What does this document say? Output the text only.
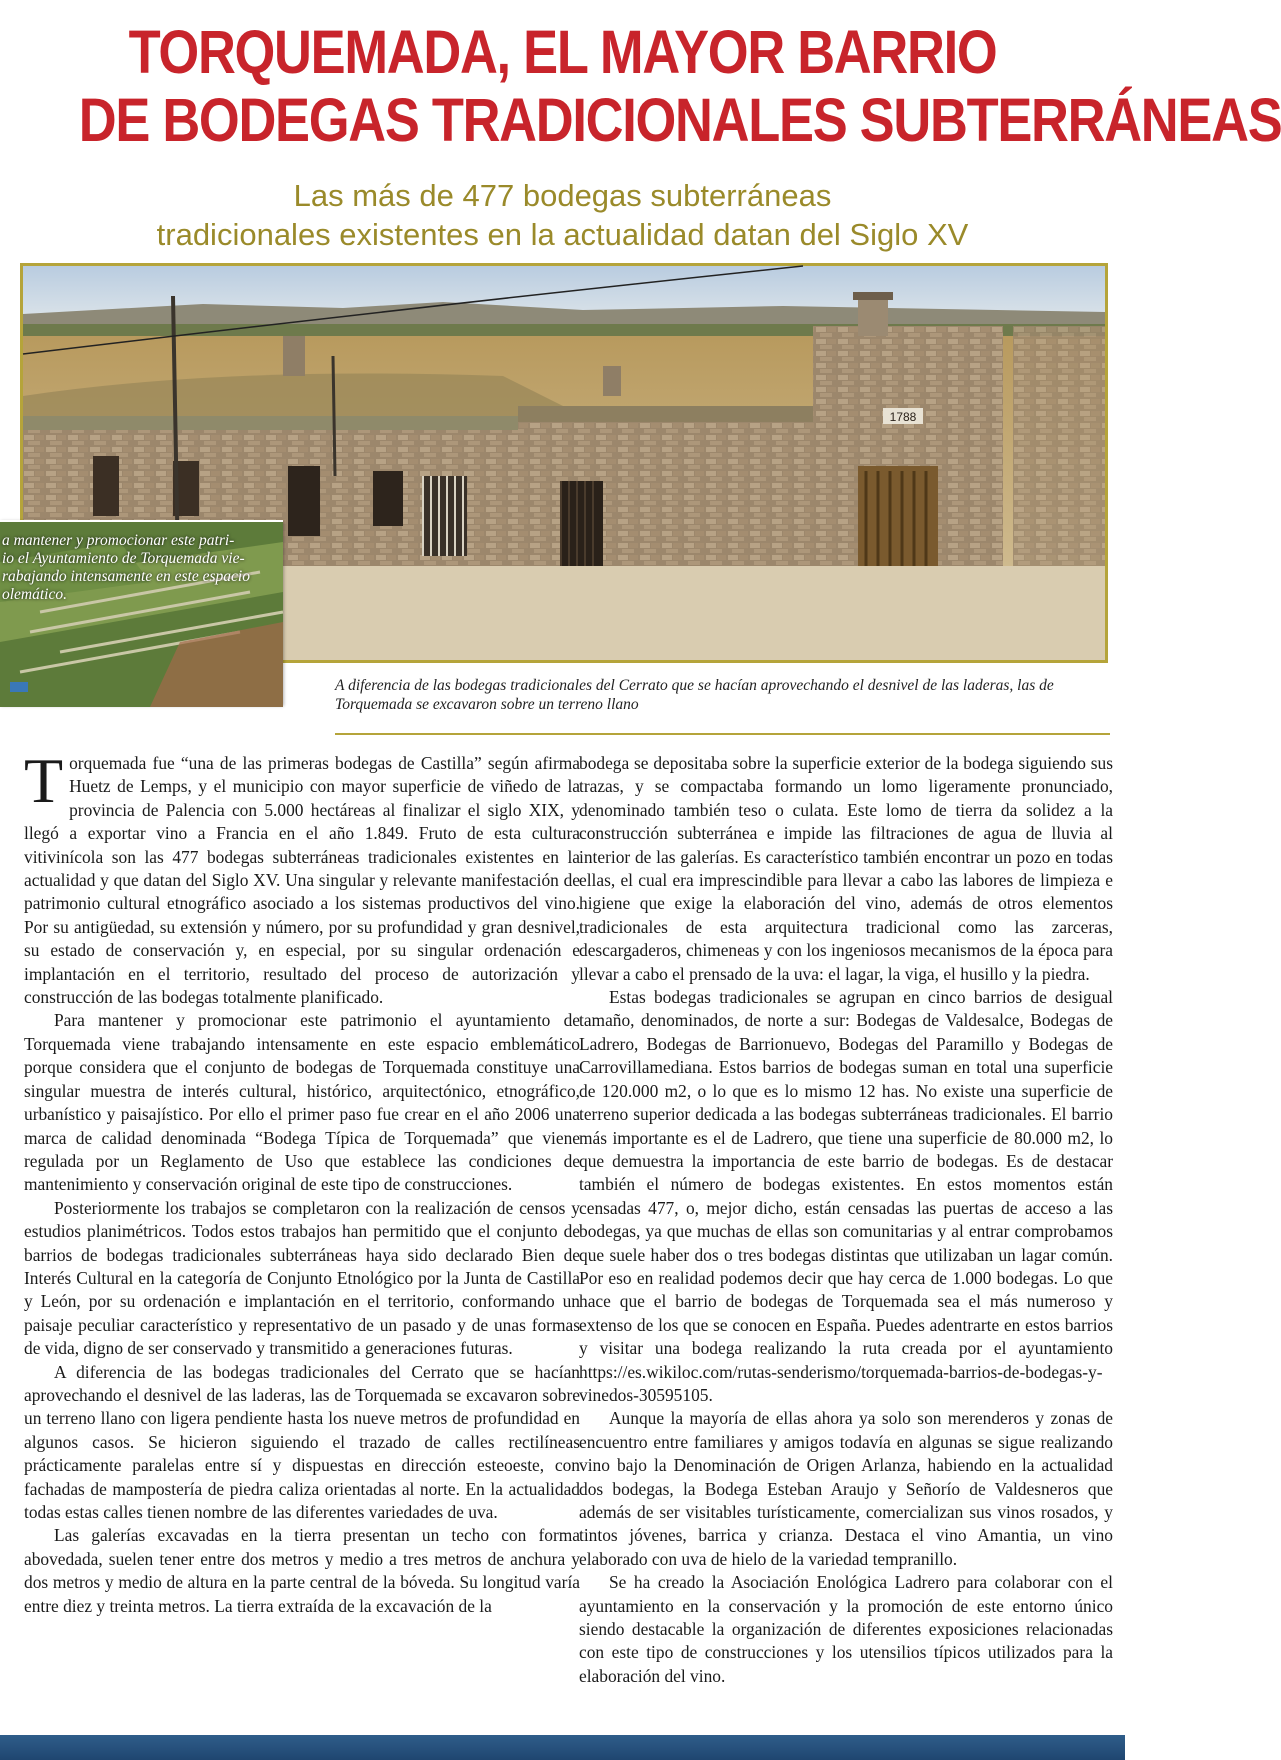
TORQUEMADA, EL MAYOR BARRIO
DE BODEGAS TRADICIONALES SUBTERRÁNEAS
Las más de 477 bodegas subterráneas
tradicionales existentes en la actualidad datan del Siglo XV
1788
a mantener y promocionar este patri-
io el Ayuntamiento de Torquemada vie-
rabajando intensamente en este espacio
olemático.
A diferencia de las bodegas tradicionales del Cerrato que se hacían aprovechando el desnivel de las laderas, las de
Torquemada se excavaron sobre un terreno llano

Torquemada fue “una de las primeras bodegas de Castilla” según afirma Huetz de Lemps, y el municipio con mayor superficie de viñedo de la provincia de Palencia con 5.000 hectáreas al finalizar el siglo XIX, y llegó a exportar vino a Francia en el año 1.849. Fruto de esta cultura vitivinícola son las 477 bodegas subterráneas tradicionales existentes en la actualidad y que datan del Siglo XV. Una singular y relevante manifestación de patrimonio cultural etnográfico asociado a los sistemas productivos del vino. Por su antigüedad, su extensión y número, por su profundidad y gran desnivel, su estado de conservación y, en especial, por su singular ordenación e implantación en el territorio, resultado del proceso de autorización y construcción de las bodegas totalmente planificado.

Para mantener y promocionar este patrimonio el ayuntamiento de Torquemada viene trabajando intensamente en este espacio emblemático porque considera que el conjunto de bodegas de Torquemada constituye una singular muestra de interés cultural, histórico, arquitectónico, etnográfico, urbanístico y paisajístico. Por ello el primer paso fue crear en el año 2006 una marca de calidad denominada “Bodega Típica de Torquemada” que viene regulada por un Reglamento de Uso que establece las condiciones de mantenimiento y conservación original de este tipo de construcciones.

Posteriormente los trabajos se completaron con la realización de censos y estudios planimétricos. Todos estos trabajos han permitido que el conjunto de barrios de bodegas tradicionales subterráneas haya sido declarado Bien de Interés Cultural en la categoría de Conjunto Etnológico por la Junta de Castilla y León, por su ordenación e implantación en el territorio, conformando un paisaje peculiar característico y representativo de un pasado y de unas formas de vida, digno de ser conservado y transmitido a generaciones futuras.

A diferencia de las bodegas tradicionales del Cerrato que se hacían aprovechando el desnivel de las laderas, las de Torquemada se excavaron sobre un terreno llano con ligera pendiente hasta los nueve metros de profundidad en algunos casos. Se hicieron siguiendo el trazado de calles rectilíneas prácticamente paralelas entre sí y dispuestas en dirección esteoeste, con fachadas de mampostería de piedra caliza orientadas al norte. En la actualidad todas estas calles tienen nombre de las diferentes variedades de uva.

Las galerías excavadas en la tierra presentan un techo con forma abovedada, suelen tener entre dos metros y medio a tres metros de anchura y dos metros y medio de altura en la parte central de la bóveda. Su longitud varía entre diez y treinta metros. La tierra extraída de la excavación de la

bodega se depositaba sobre la superficie exterior de la bodega siguiendo sus trazas, y se compactaba formando un lomo ligeramente pronunciado, denominado también teso o culata. Este lomo de tierra da solidez a la construcción subterránea e impide las filtraciones de agua de lluvia al interior de las galerías. Es característico también encontrar un pozo en todas ellas, el cual era imprescindible para llevar a cabo las labores de limpieza e higiene que exige la elaboración del vino, además de otros elementos tradicionales de esta arquitectura tradicional como las zarceras, descargaderos, chimeneas y con los ingeniosos mecanismos de la época para llevar a cabo el prensado de la uva: el lagar, la viga, el husillo y la piedra.

Estas bodegas tradicionales se agrupan en cinco barrios de desigual tamaño, denominados, de norte a sur: Bodegas de Valdesalce, Bodegas de Ladrero, Bodegas de Barrionuevo, Bodegas del Paramillo y Bodegas de Carrovillamediana. Estos barrios de bodegas suman en total una superficie de 120.000 m2, o lo que es lo mismo 12 has. No existe una superficie de terreno superior dedicada a las bodegas subterráneas tradicionales. El barrio más importante es el de Ladrero, que tiene una superficie de 80.000 m2, lo que demuestra la importancia de este barrio de bodegas. Es de destacar también el número de bodegas existentes. En estos momentos están censadas 477, o, mejor dicho, están censadas las puertas de acceso a las bodegas, ya que muchas de ellas son comunitarias y al entrar comprobamos que suele haber dos o tres bodegas distintas que utilizaban un lagar común. Por eso en realidad podemos decir que hay cerca de 1.000 bodegas. Lo que hace que el barrio de bodegas de Torquemada sea el más numeroso y extenso de los que se conocen en España. Puedes adentrarte en estos barrios y visitar una bodega realizando la ruta creada por el ayuntamiento https://es.wikiloc.com/rutas-senderismo/torquemada-barrios-de-bodegas-y-vinedos-30595105.

Aunque la mayoría de ellas ahora ya solo son merenderos y zonas de encuentro entre familiares y amigos todavía en algunas se sigue realizando vino bajo la Denominación de Origen Arlanza, habiendo en la actualidad dos bodegas, la Bodega Esteban Araujo y Señorío de Valdesneros que además de ser visitables turísticamente, comercializan sus vinos rosados, y tintos jóvenes, barrica y crianza. Destaca el vino Amantia, un vino elaborado con uva de hielo de la variedad tempranillo.

Se ha creado la Asociación Enológica Ladrero para colaborar con el ayuntamiento en la conservación y la promoción de este entorno único siendo destacable la organización de diferentes exposiciones relacionadas con este tipo de construcciones y los utensilios típicos utilizados para la elaboración del vino.
